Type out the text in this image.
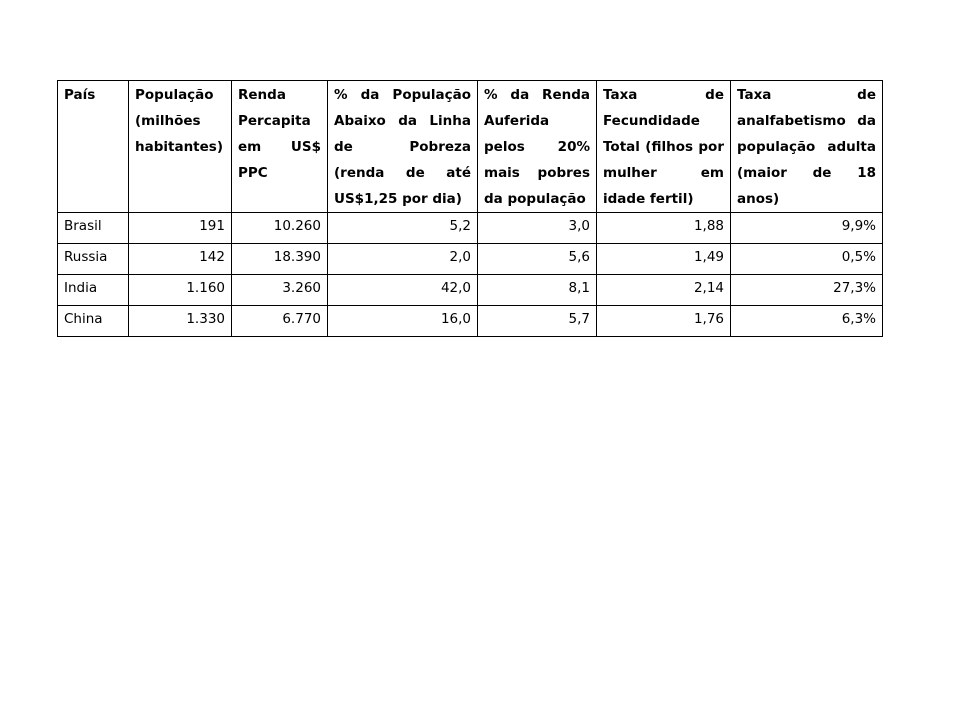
País	População (milhões habitantes)	Renda Percapita em US$ PPC	% da População Abaixo da Linha de Pobreza (renda de até US$1,25 por dia)	% da Renda Auferida pelos 20% mais pobres da população	Taxa de Fecundidade Total (filhos por mulher em idade fertil)	Taxa de analfabetismo da população adulta (maior de 18 anos)
Brasil	191	10.260	5,2	3,0	1,88	9,9%
Russia	142	18.390	2,0	5,6	1,49	0,5%
India	1.160	3.260	42,0	8,1	2,14	27,3%
China	1.330	6.770	16,0	5,7	1,76	6,3%
